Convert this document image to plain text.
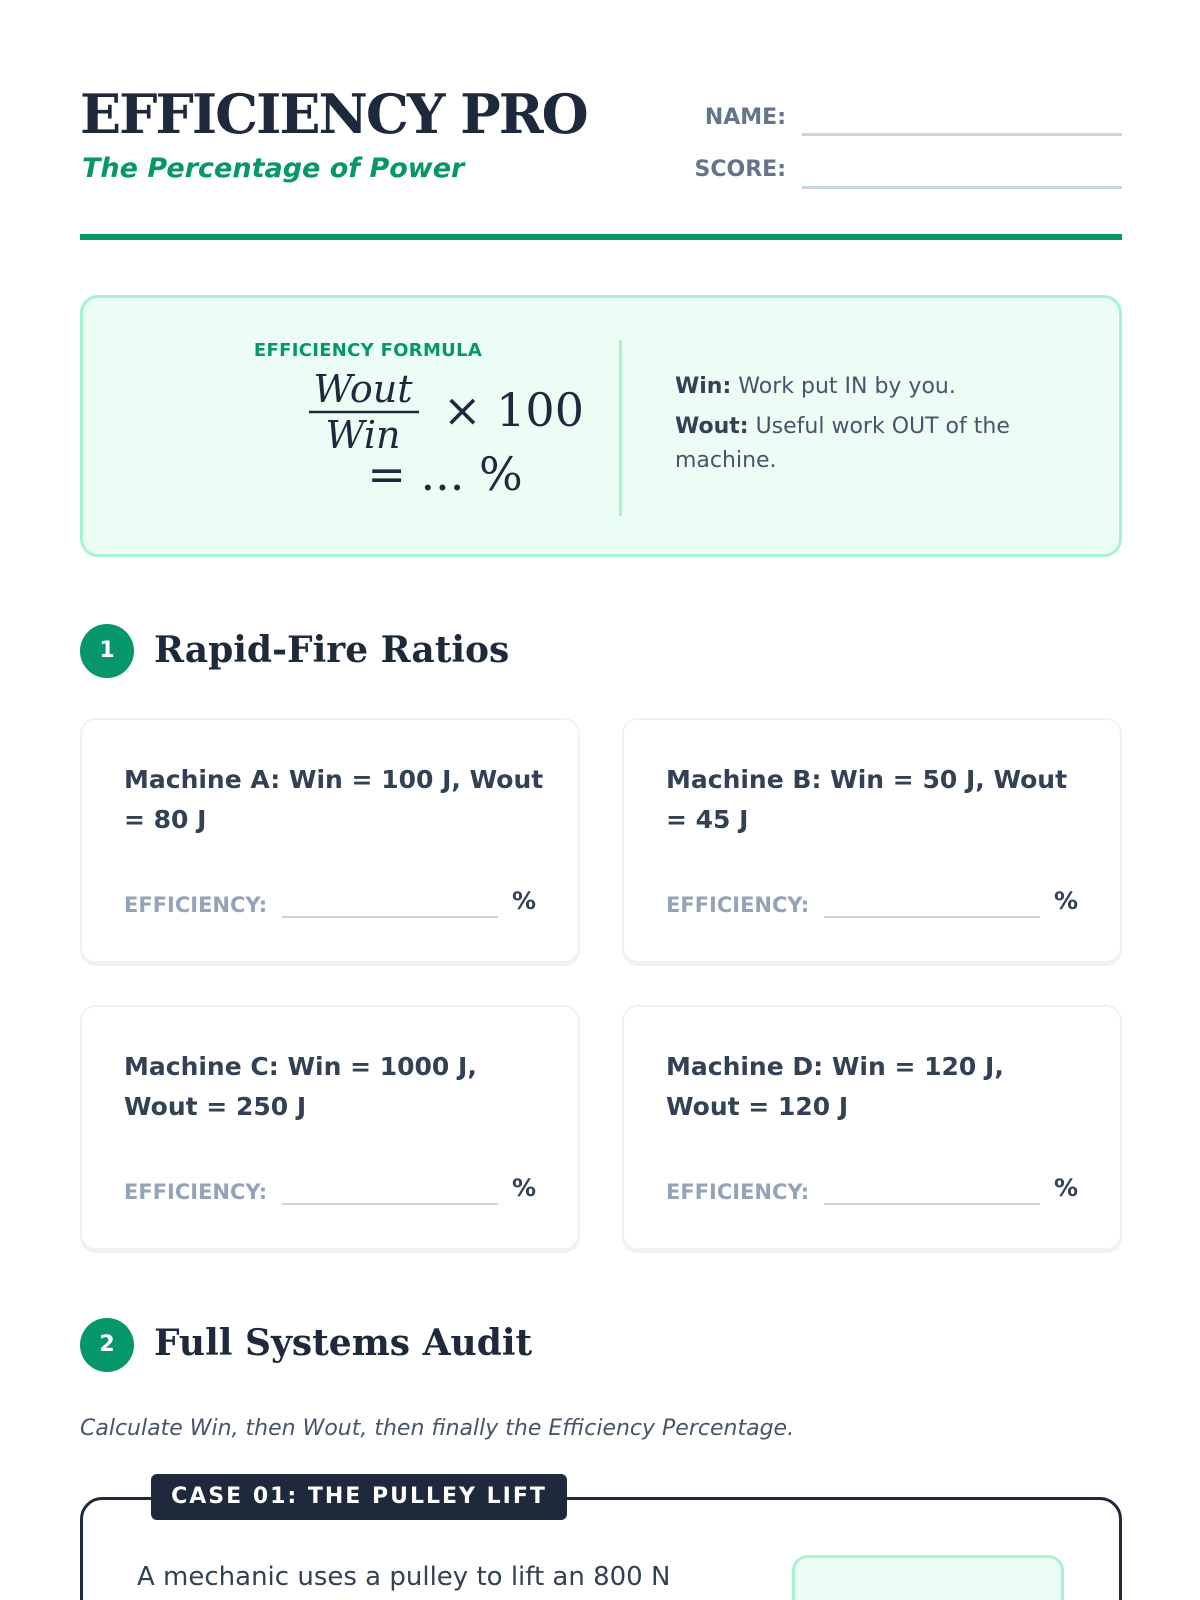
EFFICIENCY PRO
The Percentage of Power
NAME:
SCORE:
EFFICIENCY FORMULA
Wout
Win × 100
= ... %
Win: Work put IN by you.
Wout: Useful work OUT of the machine.
1	Rapid-Fire Ratios
Machine A: Win = 100 J, Wout = 80 J
EFFICIENCY:	%
Machine B: Win = 50 J, Wout = 45 J
EFFICIENCY:	%
Machine C: Win = 1000 J, Wout = 250 J
EFFICIENCY:	%
Machine D: Win = 120 J, Wout = 120 J
EFFICIENCY:	%
2	Full Systems Audit
Calculate Win, then Wout, then finally the Efficiency Percentage.
CASE 01: THE PULLEY LIFT
A mechanic uses a pulley to lift an 800 N
